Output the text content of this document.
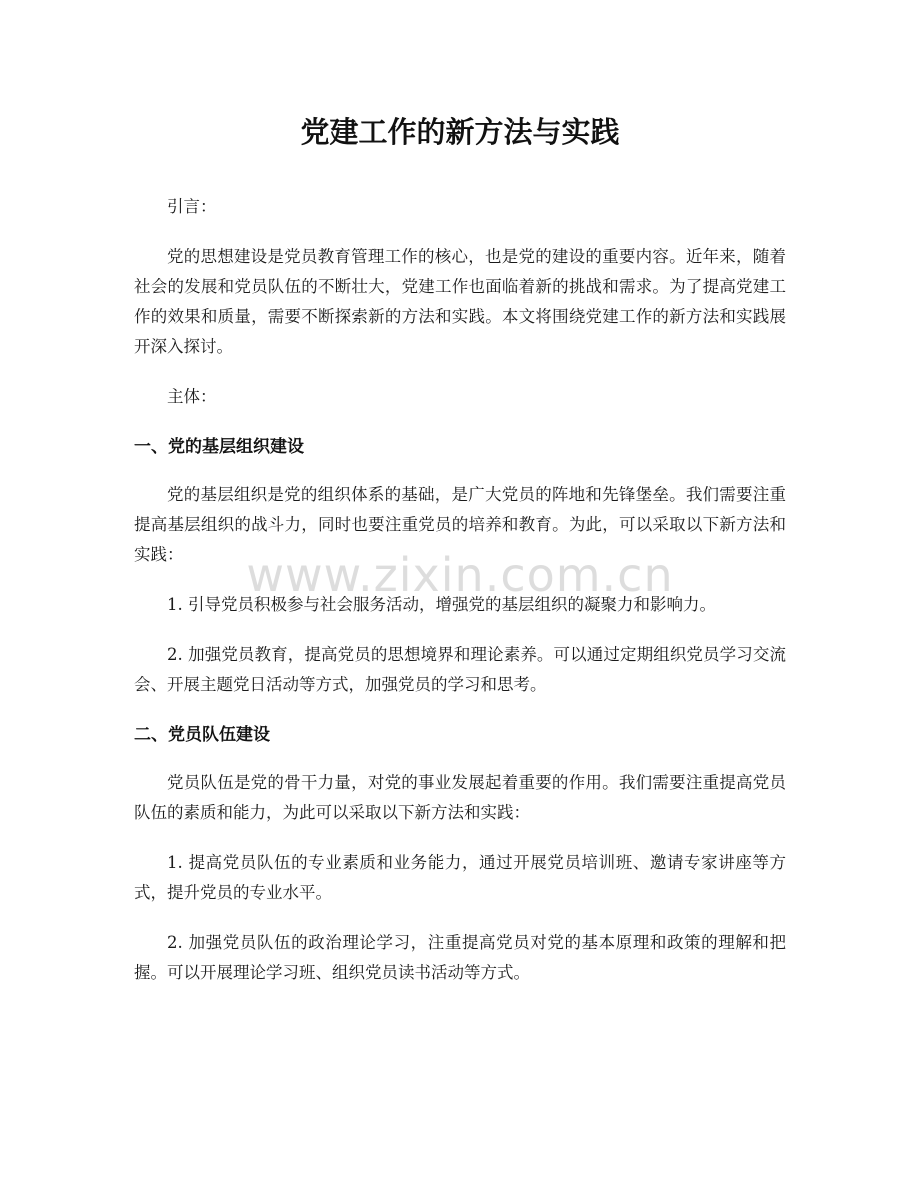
党建工作的新方法与实践

引言：

党的思想建设是党员教育管理工作的核心，也是党的建设的重要内容。近年来，随着社会的发展和党员队伍的不断壮大，党建工作也面临着新的挑战和需求。为了提高党建工作的效果和质量，需要不断探索新的方法和实践。本文将围绕党建工作的新方法和实践展开深入探讨。

主体：

一、党的基层组织建设

党的基层组织是党的组织体系的基础，是广大党员的阵地和先锋堡垒。我们需要注重提高基层组织的战斗力，同时也要注重党员的培养和教育。为此，可以采取以下新方法和实践：

1. 引导党员积极参与社会服务活动，增强党的基层组织的凝聚力和影响力。

2. 加强党员教育，提高党员的思想境界和理论素养。可以通过定期组织党员学习交流会、开展主题党日活动等方式，加强党员的学习和思考。

二、党员队伍建设

党员队伍是党的骨干力量，对党的事业发展起着重要的作用。我们需要注重提高党员队伍的素质和能力，为此可以采取以下新方法和实践：

1. 提高党员队伍的专业素质和业务能力，通过开展党员培训班、邀请专家讲座等方式，提升党员的专业水平。

2. 加强党员队伍的政治理论学习，注重提高党员对党的基本原理和政策的理解和把握。可以开展理论学习班、组织党员读书活动等方式。

www.zixin.com.cn
